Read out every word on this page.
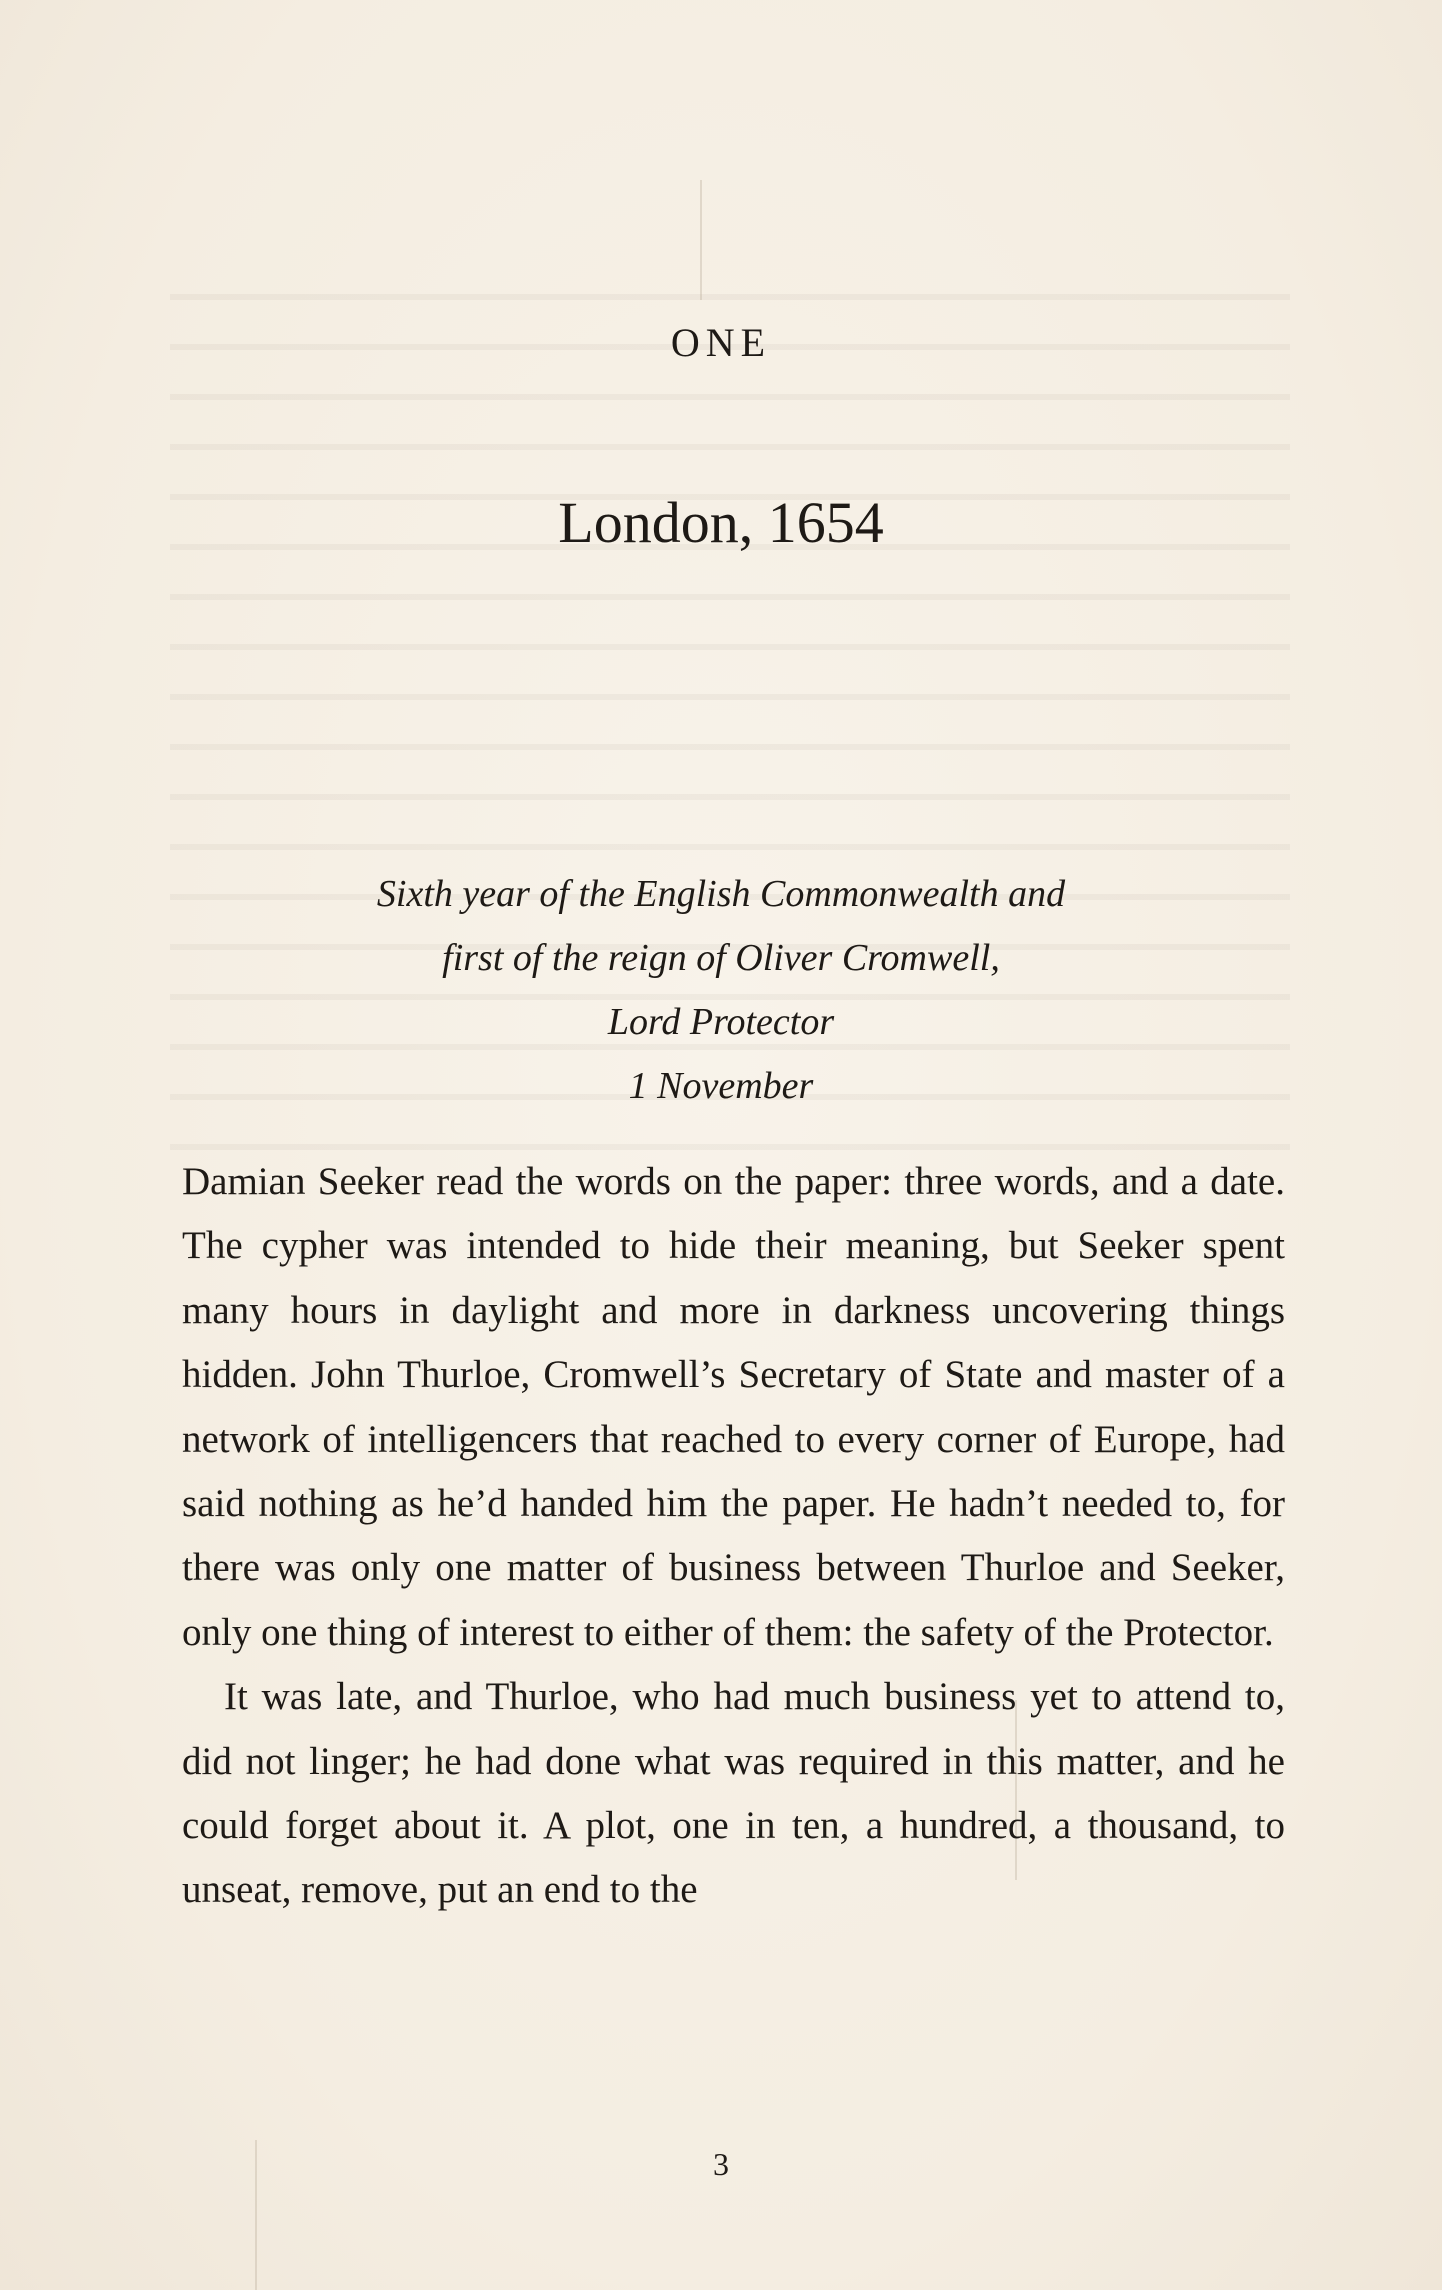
ONE
London, 1654
Sixth year of the English Commonwealth and
first of the reign of Oliver Cromwell,
Lord Protector
1 November

Damian Seeker read the words on the paper: three words, and a date. The cypher was intended to hide their meaning, but Seeker spent many hours in daylight and more in darkness uncovering things hidden. John Thurloe, Cromwell’s Secretary of State and master of a network of intelligencers that reached to every corner of Europe, had said nothing as he’d handed him the paper. He hadn’t needed to, for there was only one matter of business between Thurloe and Seeker, only one thing of interest to either of them: the safety of the Protector.

It was late, and Thurloe, who had much business yet to attend to, did not linger; he had done what was required in this matter, and he could forget about it. A plot, one in ten, a hundred, a thousand, to unseat, remove, put an end to the

3
